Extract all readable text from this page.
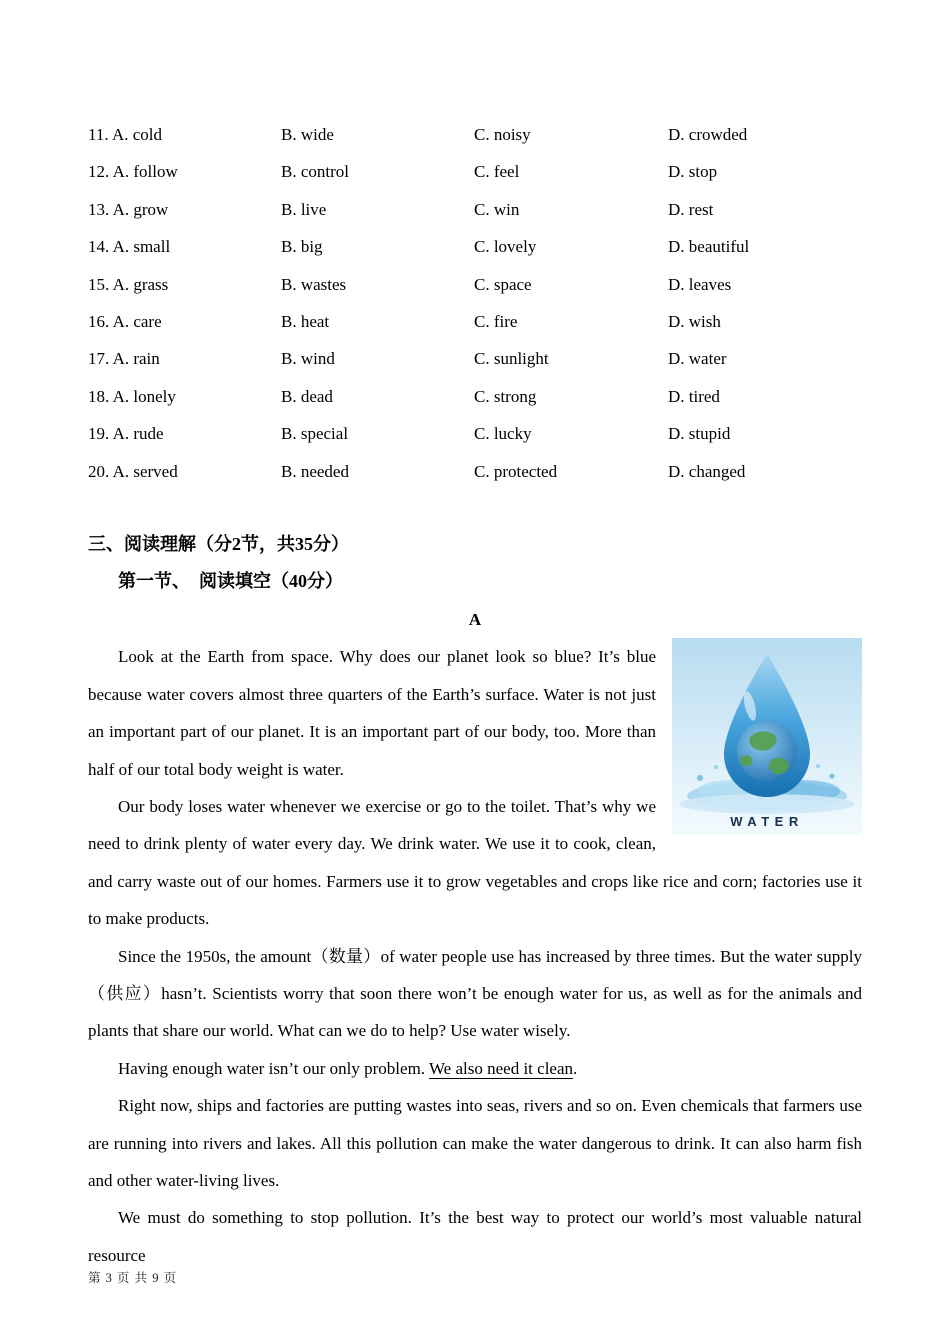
11. A. cold	B. wide	C. noisy	D. crowded
12. A. follow	B. control	C. feel	D. stop
13. A. grow	B. live	C. win	D. rest
14. A. small	B. big	C. lovely	D. beautiful
15. A. grass	B. wastes	C. space	D. leaves
16. A. care	B. heat	C. fire	D. wish
17. A. rain	B. wind	C. sunlight	D. water
18. A. lonely	B. dead	C. strong	D. tired
19. A. rude	B. special	C. lucky	D. stupid
20. A. served	B. needed	C. protected	D. changed
三、阅读理解（分2节，共35分）
第一节、　阅读填空（40分）
A
WATER

Look at the Earth from space. Why does our planet look so blue? It’s blue because water covers almost three quarters of the Earth’s surface. Water is not just an important part of our planet. It is an important part of our body, too. More than half of our total body weight is water.

Our body loses water whenever we exercise or go to the toilet. That’s why we need to drink plenty of water every day. We drink water. We use it to cook, clean, and carry waste out of our homes. Farmers use it to grow vegetables and crops like rice and corn; factories use it to make products.

Since the 1950s, the amount（数量）of water people use has increased by three times. But the water supply（供应）hasn’t. Scientists worry that soon there won’t be enough water for us, as well as for the animals and plants that share our world. What can we do to help? Use water wisely.

Having enough water isn’t our only problem. We also need it clean.

Right now, ships and factories are putting wastes into seas, rivers and so on. Even chemicals that farmers use are running into rivers and lakes. All this pollution can make the water dangerous to drink. It can also harm fish and other water-living lives.

We must do something to stop pollution. It’s the best way to protect our world’s most valuable natural resource

第 3 页 共 9 页
